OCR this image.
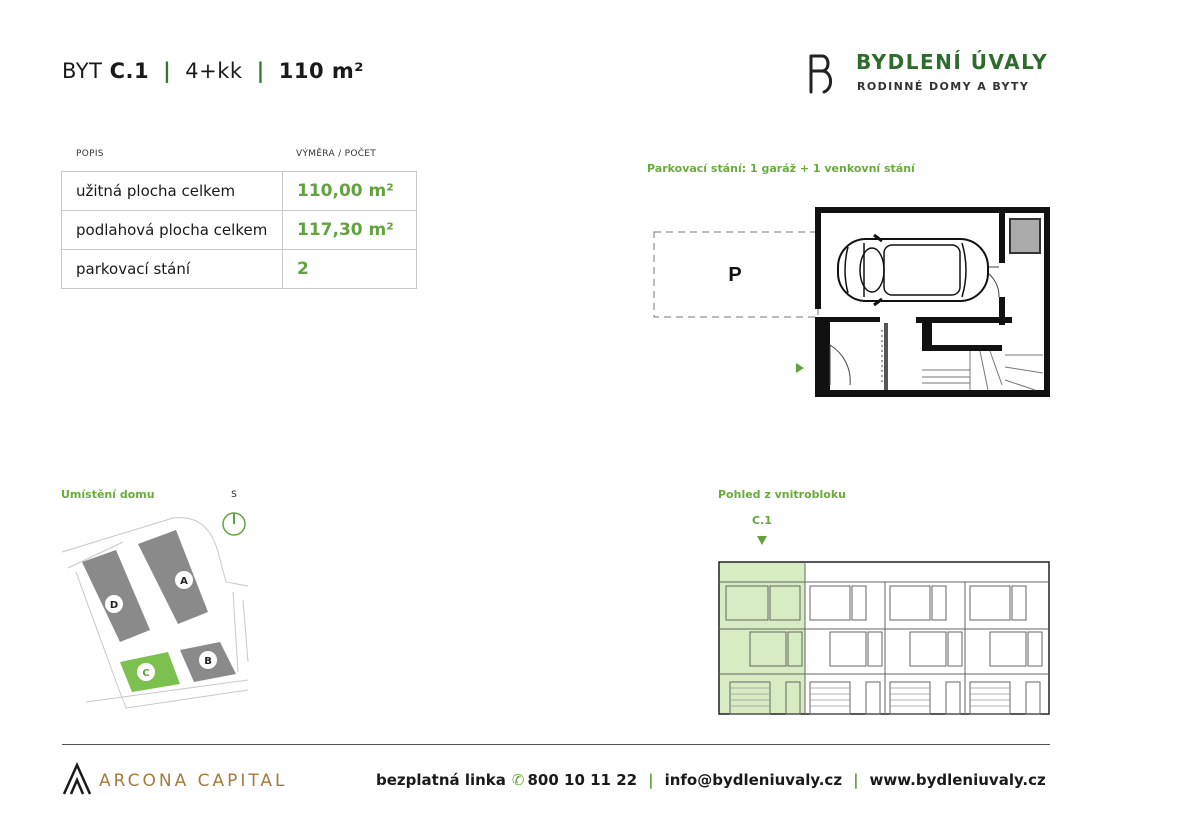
BYT C.1 | 4+kk | 110 m²	BYDLENÍ ÚVALY
RODINNÉ DOMY A BYTY
POPIS	VÝMĚRA / POČET
užitná plocha celkem	110,00 m²
podlahová plocha celkem	117,30 m²
parkovací stání	2
Parkovací stání: 1 garáž + 1 venkovní stání
P
Umístění domu	S
A
B
C
D
Pohled z vnitrobloku
C.1
ARCONA CAPITAL	bezplatná linka ✆ 800 10 11 22 | info@bydleniuvaly.cz | www.bydleniuvaly.cz
